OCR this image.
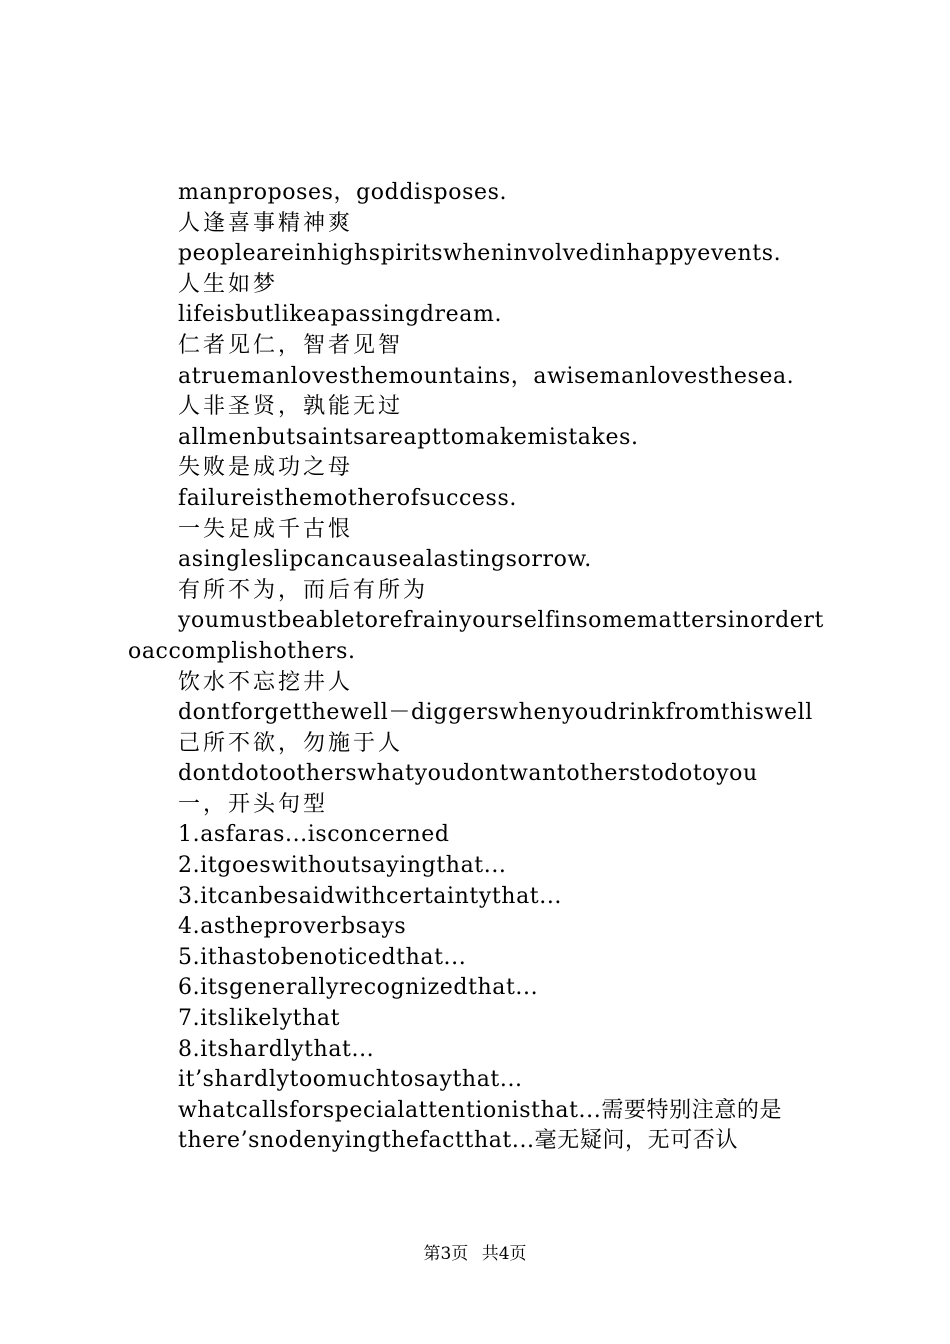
manproposes，goddisposes.
人逢喜事精神爽
peopleareinhighspiritswheninvolvedinhappyevents.
人生如梦
lifeisbutlikeapassingdream.
仁者见仁，智者见智
atruemanlovesthemountains，awisemanlovesthesea.
人非圣贤，孰能无过
allmenbutsaintsareapttomakemistakes.
失败是成功之母
failureisthemotherofsuccess.
一失足成千古恨
asingleslipcancausealastingsorrow.
有所不为，而后有所为
youmustbeabletorefrainyourselfinsomemattersinordertoaccomplishothers.
饮水不忘挖井人
dontforgetthewell－diggerswhenyoudrinkfromthiswell
己所不欲，勿施于人
dontdotootherswhatyoudontwantotherstodotoyou
一，开头句型
1.asfaras...isconcerned
2.itgoeswithoutsayingthat...
3.itcanbesaidwithcertaintythat...
4.astheproverbsays
5.ithastobenoticedthat...
6.itsgenerallyrecognizedthat...
7.itslikelythat
8.itshardlythat...
it’shardlytoomuchtosaythat...
whatcallsforspecialattentionisthat...需要特别注意的是
there’snodenyingthefactthat...毫无疑问，无可否认
第3页 共4页
